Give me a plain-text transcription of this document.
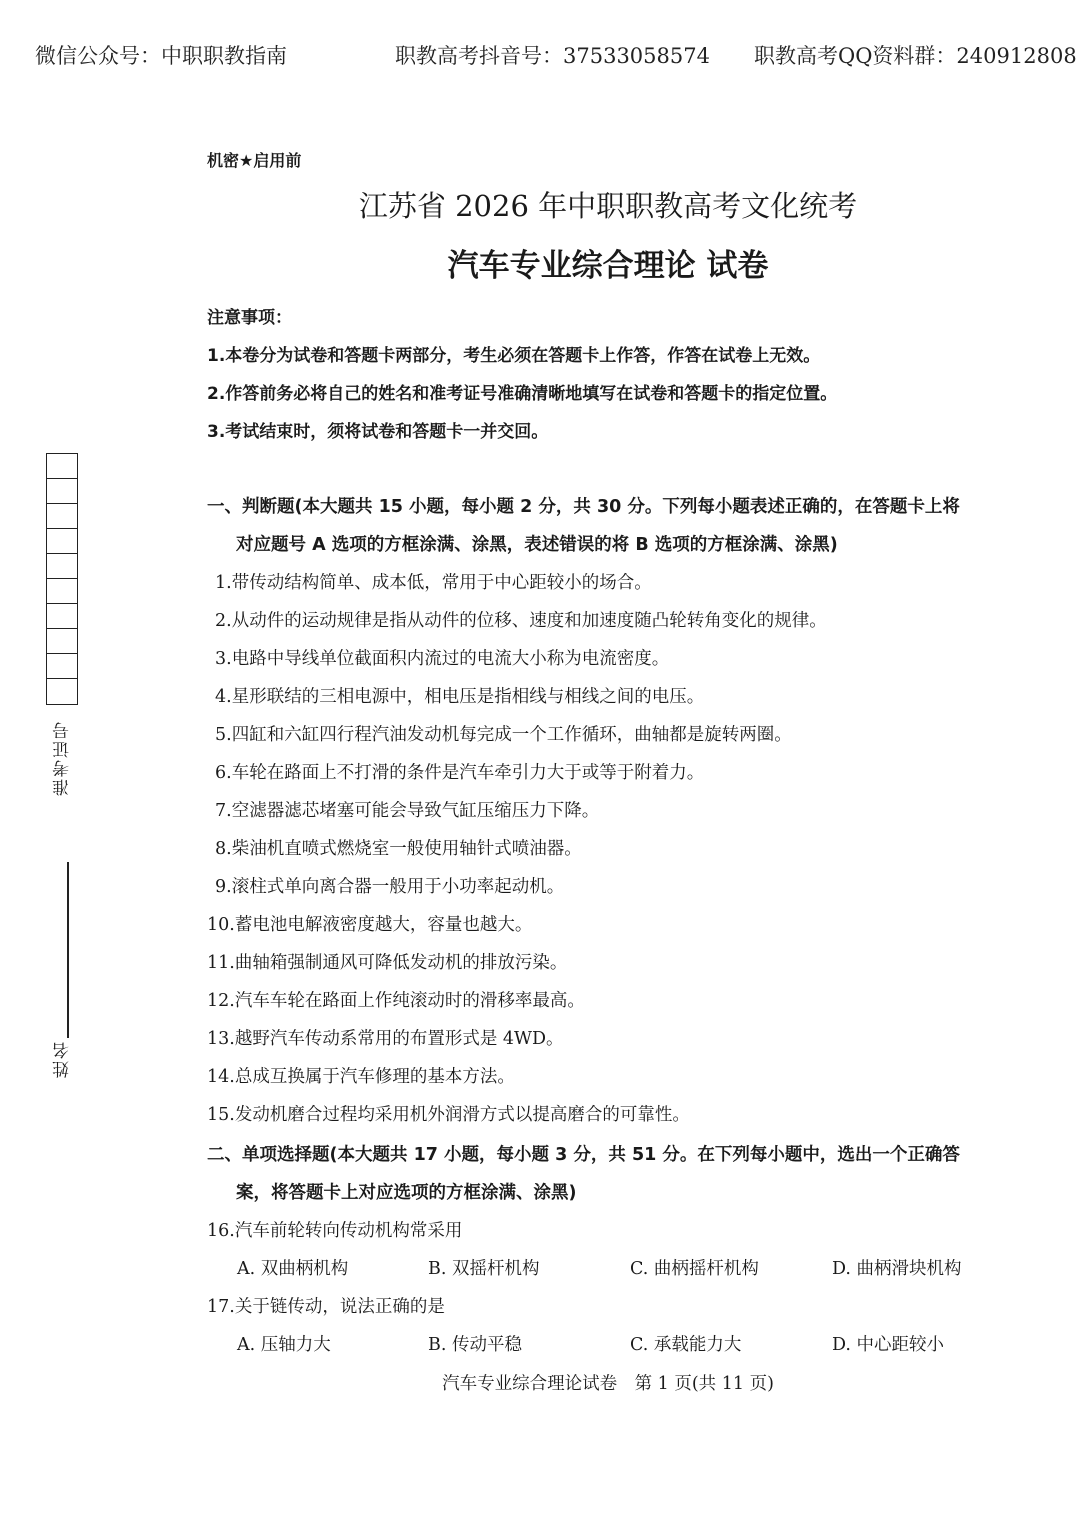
微信公众号：中职职教指南	职教高考抖音号：37533058574 职教高考QQ资料群：240912808
准考证号
姓名
机密★启用前
江苏省 2026 年中职职教高考文化统考
汽车专业综合理论 试卷
注意事项：
1.本卷分为试卷和答题卡两部分，考生必须在答题卡上作答，作答在试卷上无效。
2.作答前务必将自己的姓名和准考证号准确清晰地填写在试卷和答题卡的指定位置。
3.考试结束时，须将试卷和答题卡一并交回。
一、判断题(本大题共 15 小题，每小题 2 分，共 30 分。下列每小题表述正确的，在答题卡上将
对应题号 A 选项的方框涂满、涂黑，表述错误的将 B 选项的方框涂满、涂黑)
1.带传动结构简单、成本低，常用于中心距较小的场合。
2.从动件的运动规律是指从动件的位移、速度和加速度随凸轮转角变化的规律。
3.电路中导线单位截面积内流过的电流大小称为电流密度。
4.星形联结的三相电源中，相电压是指相线与相线之间的电压。
5.四缸和六缸四行程汽油发动机每完成一个工作循环，曲轴都是旋转两圈。
6.车轮在路面上不打滑的条件是汽车牵引力大于或等于附着力。
7.空滤器滤芯堵塞可能会导致气缸压缩压力下降。
8.柴油机直喷式燃烧室一般使用轴针式喷油器。
9.滚柱式单向离合器一般用于小功率起动机。
10.蓄电池电解液密度越大，容量也越大。
11.曲轴箱强制通风可降低发动机的排放污染。
12.汽车车轮在路面上作纯滚动时的滑移率最高。
13.越野汽车传动系常用的布置形式是 4WD。
14.总成互换属于汽车修理的基本方法。
15.发动机磨合过程均采用机外润滑方式以提高磨合的可靠性。
二、单项选择题(本大题共 17 小题，每小题 3 分，共 51 分。在下列每小题中，选出一个正确答
案，将答题卡上对应选项的方框涂满、涂黑)
16.汽车前轮转向传动机构常采用
A. 双曲柄机构	B. 双摇杆机构	C. 曲柄摇杆机构	D. 曲柄滑块机构
17.关于链传动，说法正确的是
A. 压轴力大	B. 传动平稳	C. 承载能力大	D. 中心距较小
汽车专业综合理论试卷　第 1 页(共 11 页)
